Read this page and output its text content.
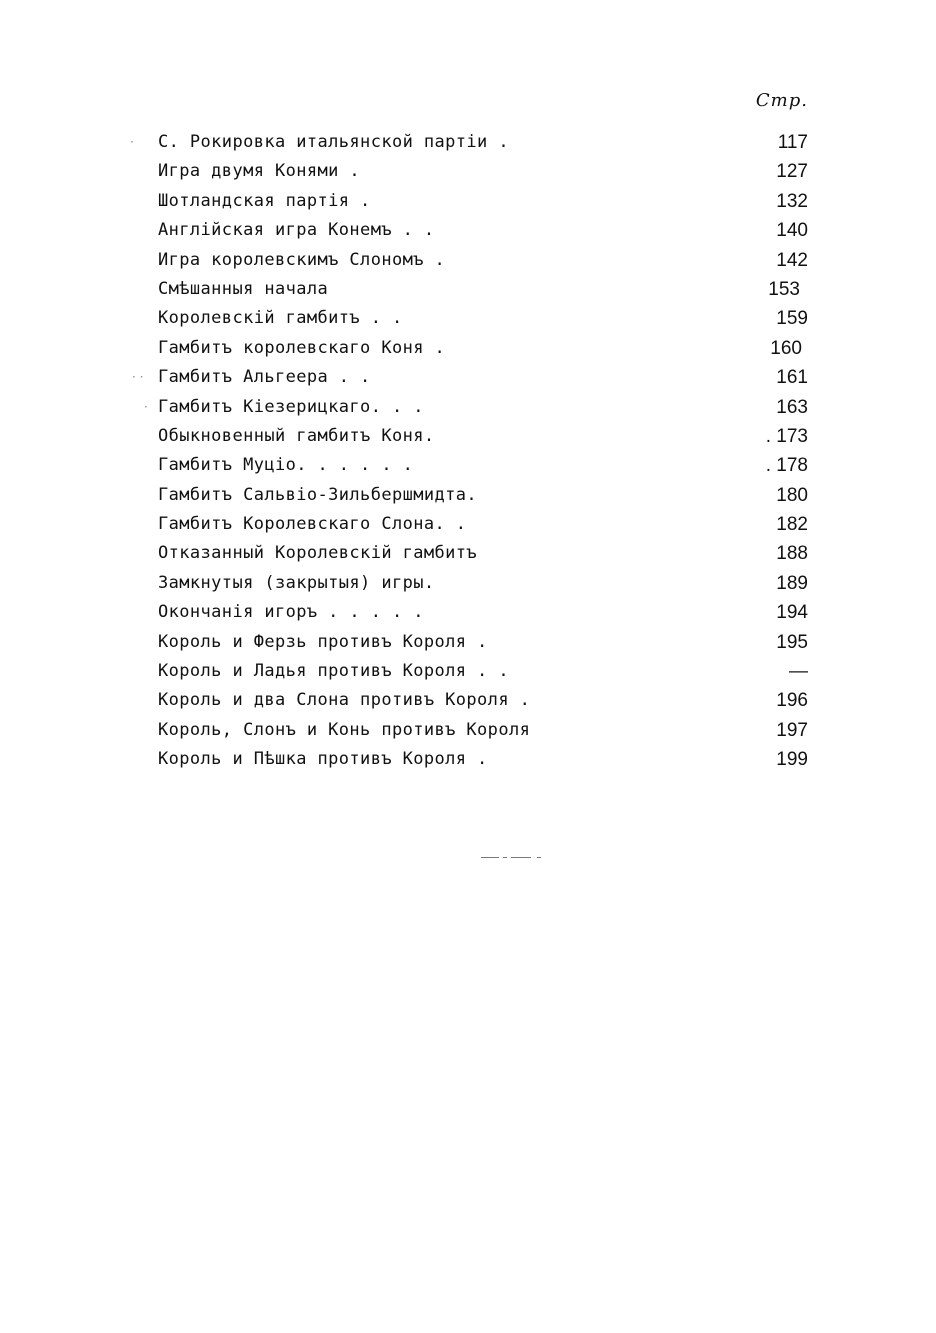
Стр.
· С. Рокировка итальянской партіи .	117
Игра двумя Конями .	127
Шотландская партія .	132
Англійская игра Конемъ . .	140
Игра королевскимъ Слономъ .	142
Смѣшанныя начала	153
Королевскій гамбитъ . .	159
Гамбитъ королевскаго Коня .	160
· · Гамбитъ Альгеера . .	161
· Гамбитъ Кіезерицкаго. . .	163
Обыкновенный гамбитъ Коня.	. 173
Гамбитъ Муціо. . . . . .	. 178
Гамбитъ Сальвіо-Зильбершмидта.	180
Гамбитъ Королевскаго Слона. .	182
Отказанный Королевскій гамбитъ	188
Замкнутыя (закрытыя) игры.	189
Окончанія игоръ . . . . .	194
Король и Ферзь противъ Короля .	195
Король и Ладья противъ Короля . .	—
Король и два Слона противъ Короля .	196
Король, Слонъ и Конь противъ Короля	197
Король и Пѣшка противъ Короля .	199
